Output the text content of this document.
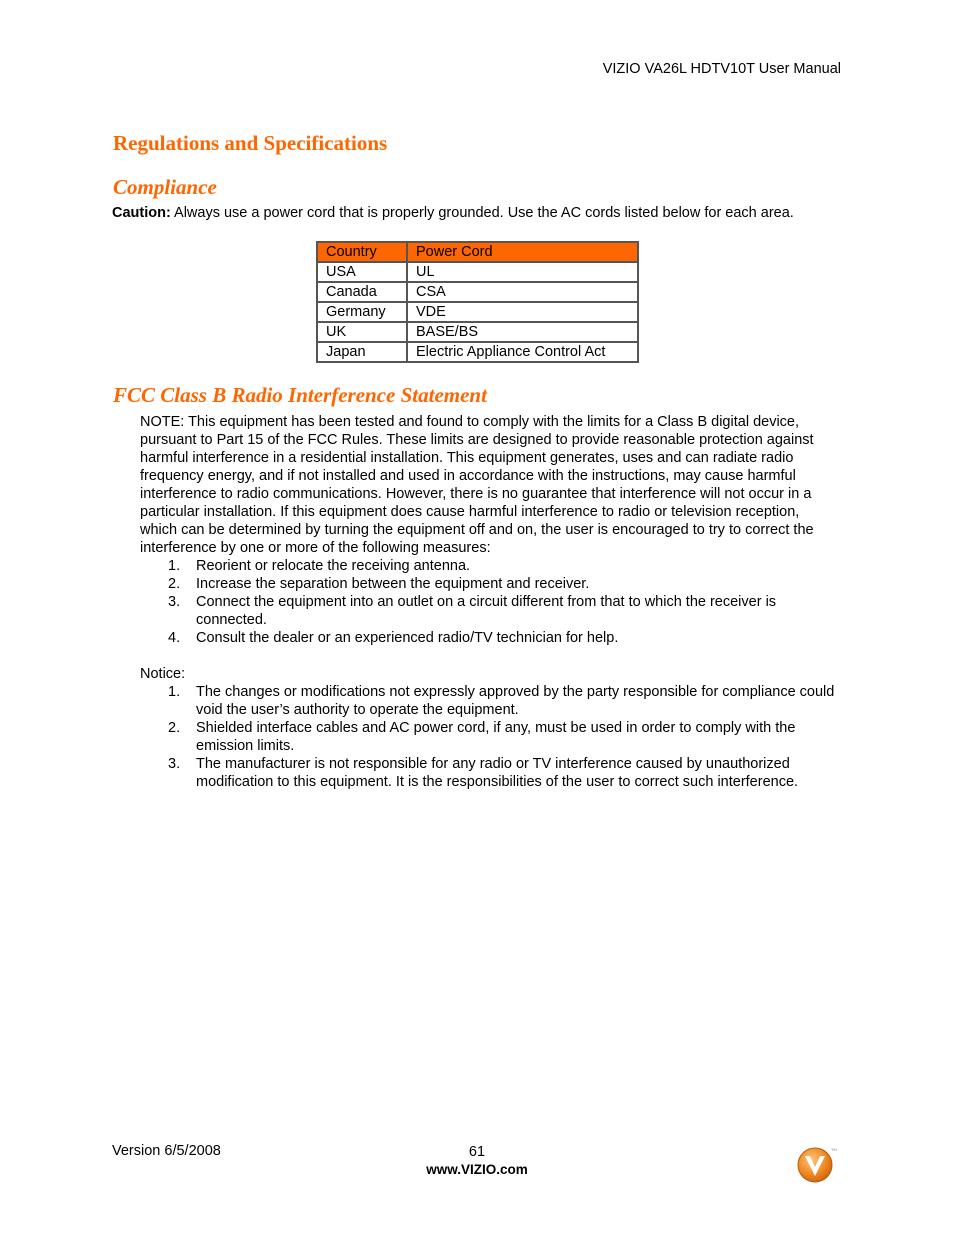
VIZIO VA26L HDTV10T User Manual
Regulations and Specifications
Compliance

Caution: Always use a power cord that is properly grounded. Use the AC cords listed below for each area.

Country	Power Cord
USA	UL
Canada	CSA
Germany	VDE
UK	BASE/BS
Japan	Electric Appliance Control Act
FCC Class B Radio Interference Statement

NOTE: This equipment has been tested and found to comply with the limits for a Class B digital device, pursuant to Part 15 of the FCC Rules. These limits are designed to provide reasonable protection against harmful interference in a residential installation. This equipment generates, uses and can radiate radio frequency energy, and if not installed and used in accordance with the instructions, may cause harmful interference to radio communications. However, there is no guarantee that interference will not occur in a particular installation. If this equipment does cause harmful interference to radio or television reception, which can be determined by turning the equipment off and on, the user is encouraged to try to correct the interference by one or more of the following measures:

Reorient or relocate the receiving antenna.
Increase the separation between the equipment and receiver.
Connect the equipment into an outlet on a circuit different from that to which the receiver is connected.
Consult the dealer or an experienced radio/TV technician for help.

Notice:

The changes or modifications not expressly approved by the party responsible for compliance could void the user’s authority to operate the equipment.
Shielded interface cables and AC power cord, if any, must be used in order to comply with the emission limits.
The manufacturer is not responsible for any radio or TV interference caused by unauthorized modification to this equipment. It is the responsibilities of the user to correct such interference.
Version 6/5/2008	61
www.VIZIO.com
TM
